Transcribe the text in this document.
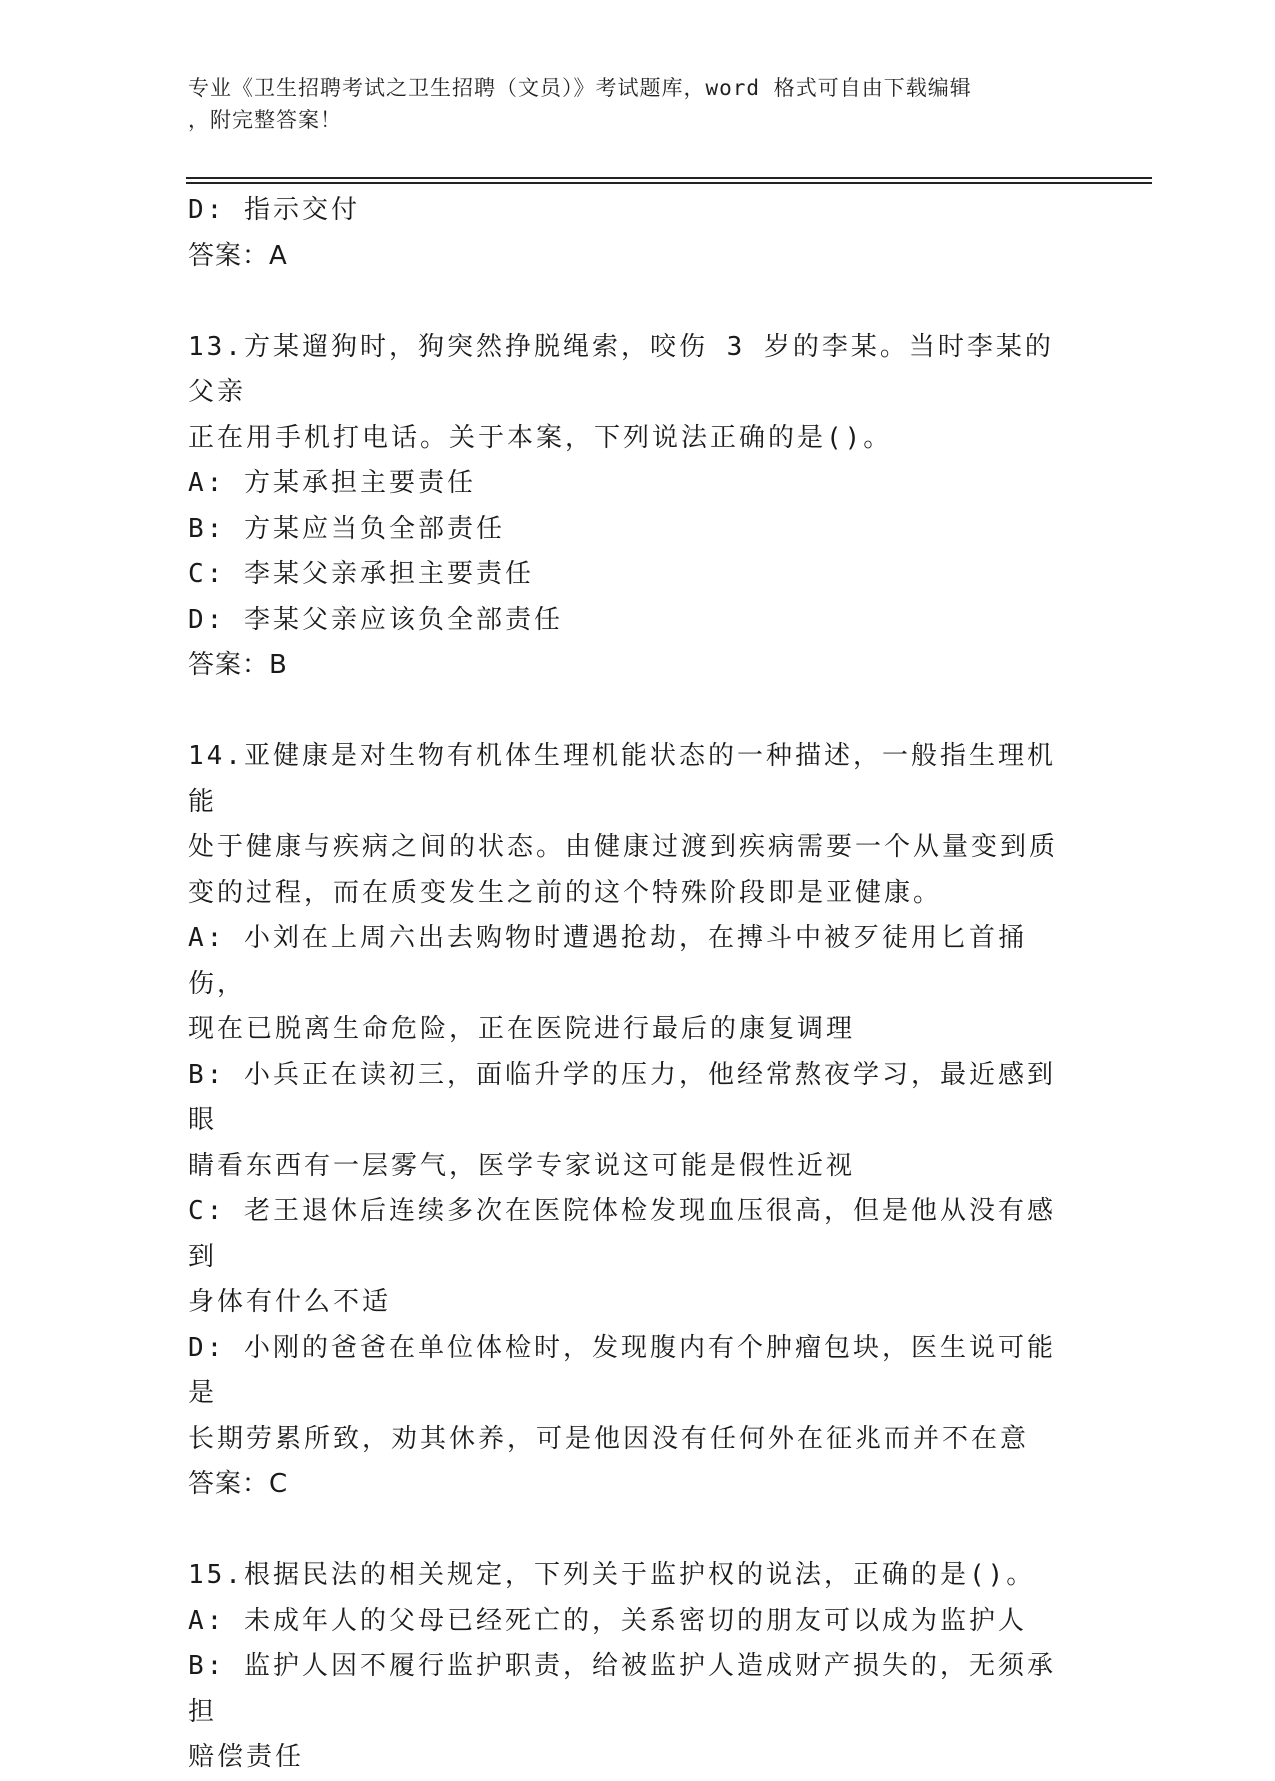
专业《卫生招聘考试之卫生招聘（文员）》考试题库，word 格式可自由下载编辑
，附完整答案！
D: 指示交付
答案：A
13.方某遛狗时，狗突然挣脱绳索，咬伤 3 岁的李某。当时李某的父亲
正在用手机打电话。关于本案，下列说法正确的是()。
A: 方某承担主要责任
B: 方某应当负全部责任
C: 李某父亲承担主要责任
D: 李某父亲应该负全部责任
答案：B
14.亚健康是对生物有机体生理机能状态的一种描述，一般指生理机能
处于健康与疾病之间的状态。由健康过渡到疾病需要一个从量变到质
变的过程，而在质变发生之前的这个特殊阶段即是亚健康。
A: 小刘在上周六出去购物时遭遇抢劫，在搏斗中被歹徒用匕首捅伤，
现在已脱离生命危险，正在医院进行最后的康复调理
B: 小兵正在读初三，面临升学的压力，他经常熬夜学习，最近感到眼
睛看东西有一层雾气，医学专家说这可能是假性近视
C: 老王退休后连续多次在医院体检发现血压很高，但是他从没有感到
身体有什么不适
D: 小刚的爸爸在单位体检时，发现腹内有个肿瘤包块，医生说可能是
长期劳累所致，劝其休养，可是他因没有任何外在征兆而并不在意
答案：C
15.根据民法的相关规定，下列关于监护权的说法，正确的是()。
A: 未成年人的父母已经死亡的，关系密切的朋友可以成为监护人
B: 监护人因不履行监护职责，给被监护人造成财产损失的，无须承担
赔偿责任
